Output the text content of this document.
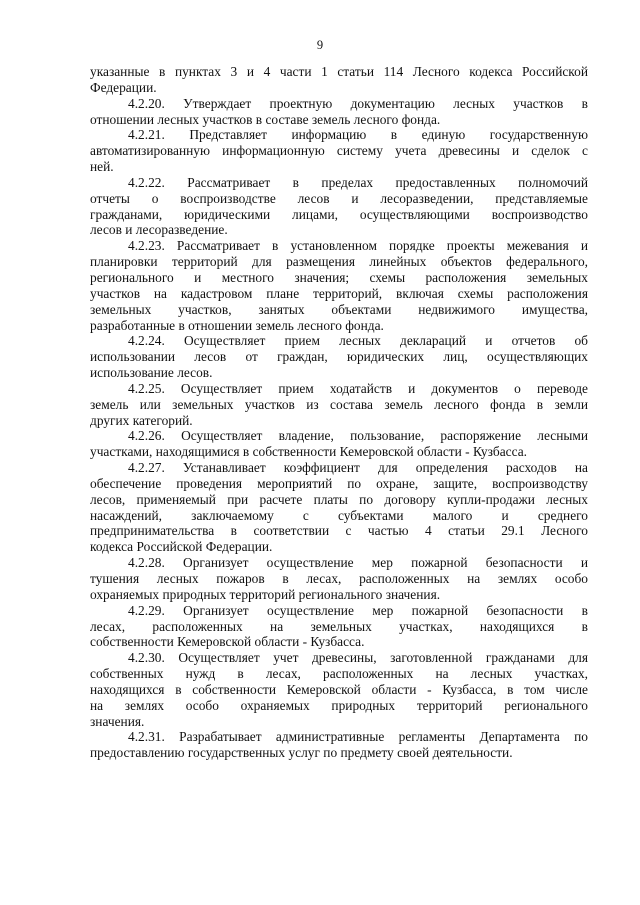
9
указанные в пунктах 3 и 4 части 1 статьи 114 Лесного кодекса Российской
Федерации.
4.2.20. Утверждает проектную документацию лесных участков в
отношении лесных участков в составе земель лесного фонда.
4.2.21. Представляет информацию в единую государственную
автоматизированную информационную систему учета древесины и сделок с
ней.
4.2.22. Рассматривает в пределах предоставленных полномочий
отчеты о воспроизводстве лесов и лесоразведении, представляемые
гражданами, юридическими лицами, осуществляющими воспроизводство
лесов и лесоразведение.
4.2.23. Рассматривает в установленном порядке проекты межевания и
планировки территорий для размещения линейных объектов федерального,
регионального и местного значения; схемы расположения земельных
участков на кадастровом плане территорий, включая схемы расположения
земельных участков, занятых объектами недвижимого имущества,
разработанные в отношении земель лесного фонда.
4.2.24. Осуществляет прием лесных деклараций и отчетов об
использовании лесов от граждан, юридических лиц, осуществляющих
использование лесов.
4.2.25. Осуществляет прием ходатайств и документов о переводе
земель или земельных участков из состава земель лесного фонда в земли
других категорий.
4.2.26. Осуществляет владение, пользование, распоряжение лесными
участками, находящимися в собственности Кемеровской области - Кузбасса.
4.2.27. Устанавливает коэффициент для определения расходов на
обеспечение проведения мероприятий по охране, защите, воспроизводству
лесов, применяемый при расчете платы по договору купли-продажи лесных
насаждений, заключаемому с субъектами малого и среднего
предпринимательства в соответствии с частью 4 статьи 29.1 Лесного
кодекса Российской Федерации.
4.2.28. Организует осуществление мер пожарной безопасности и
тушения лесных пожаров в лесах, расположенных на землях особо
охраняемых природных территорий регионального значения.
4.2.29. Организует осуществление мер пожарной безопасности в
лесах, расположенных на земельных участках, находящихся в
собственности Кемеровской области - Кузбасса.
4.2.30. Осуществляет учет древесины, заготовленной гражданами для
собственных нужд в лесах, расположенных на лесных участках,
находящихся в собственности Кемеровской области - Кузбасса, в том числе
на землях особо охраняемых природных территорий регионального
значения.
4.2.31. Разрабатывает административные регламенты Департамента по
предоставлению государственных услуг по предмету своей деятельности.
